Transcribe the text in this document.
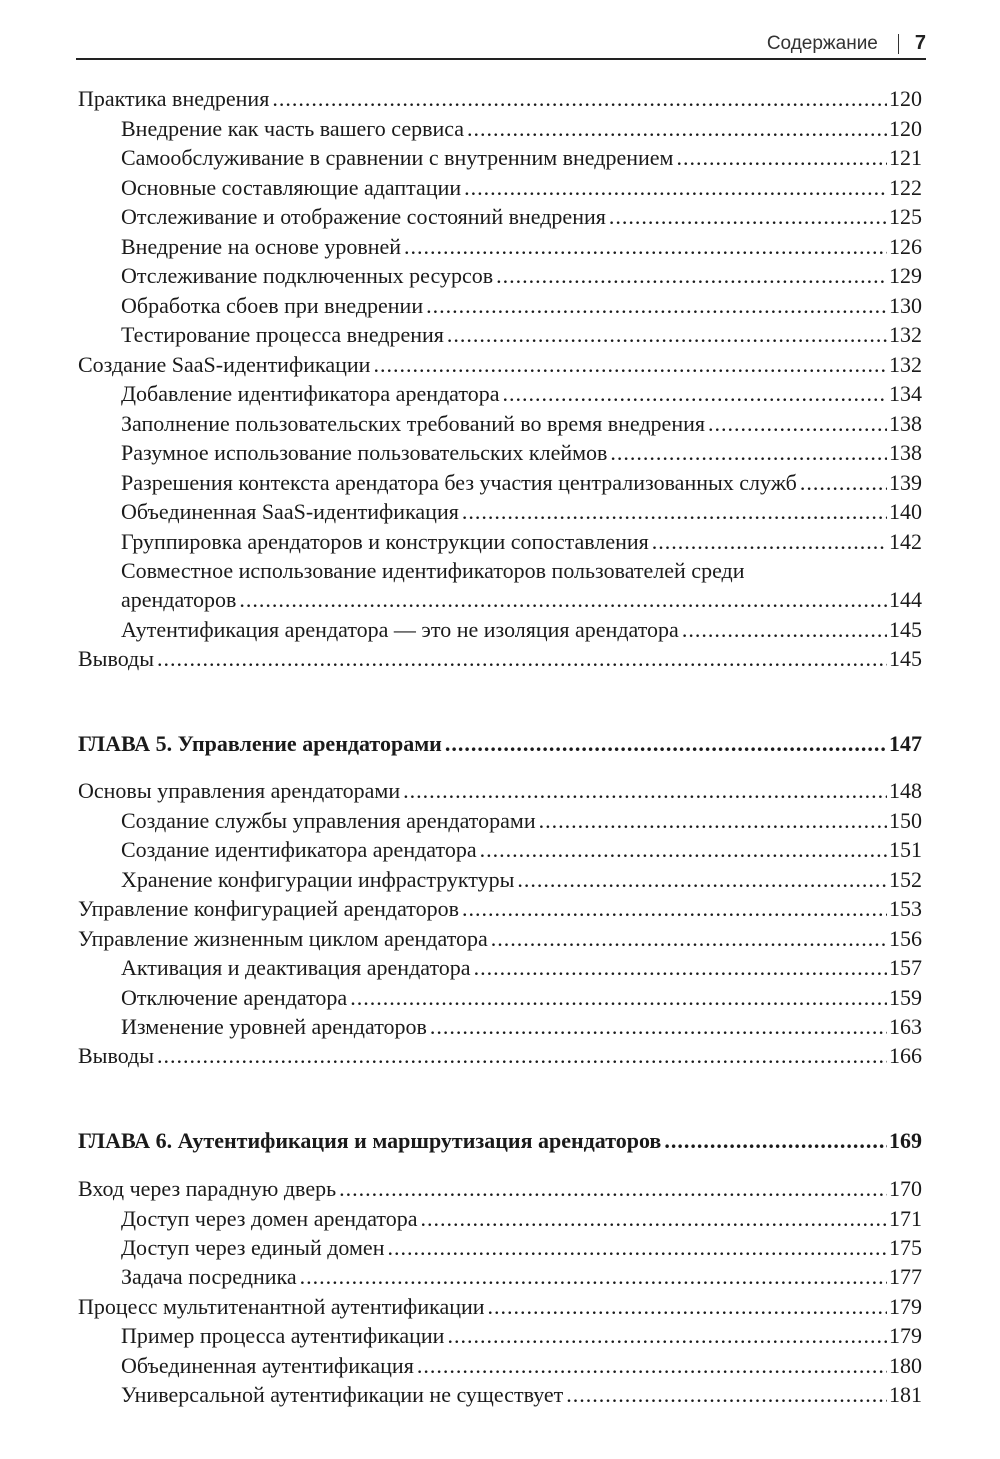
Содержание 7
Практика внедрения .....	120
Внедрение как часть вашего сервиса .....	120
Самообслуживание в сравнении с внутренним внедрением .....	121
Основные составляющие адаптации .....	122
Отслеживание и отображение состояний внедрения .....	125
Внедрение на основе уровней .....	126
Отслеживание подключенных ресурсов .....	129
Обработка сбоев при внедрении .....	130
Тестирование процесса внедрения .....	132
Создание SaaS-идентификации .....	132
Добавление идентификатора арендатора .....	134
Заполнение пользовательских требований во время внедрения .....	138
Разумное использование пользовательских клеймов .....	138
Разрешения контекста арендатора без участия централизованных служб .....	139
Объединенная SaaS-идентификация .....	140
Группировка арендаторов и конструкции сопоставления .....	142
Совместное использование идентификаторов пользователей среди
арендаторов .....	144
Аутентификация арендатора — это не изоляция арендатора .....	145
Выводы .....	145
ГЛАВА 5. Управление арендаторами .....	147
Основы управления арендаторами .....	148
Создание службы управления арендаторами .....	150
Создание идентификатора арендатора .....	151
Хранение конфигурации инфраструктуры .....	152
Управление конфигурацией арендаторов .....	153
Управление жизненным циклом арендатора .....	156
Активация и деактивация арендатора .....	157
Отключение арендатора .....	159
Изменение уровней арендаторов .....	163
Выводы .....	166
ГЛАВА 6. Аутентификация и маршрутизация арендаторов .....	169
Вход через парадную дверь .....	170
Доступ через домен арендатора .....	171
Доступ через единый домен .....	175
Задача посредника .....	177
Процесс мультитенантной аутентификации .....	179
Пример процесса аутентификации .....	179
Объединенная аутентификация .....	180
Универсальной аутентификации не существует .....	181
